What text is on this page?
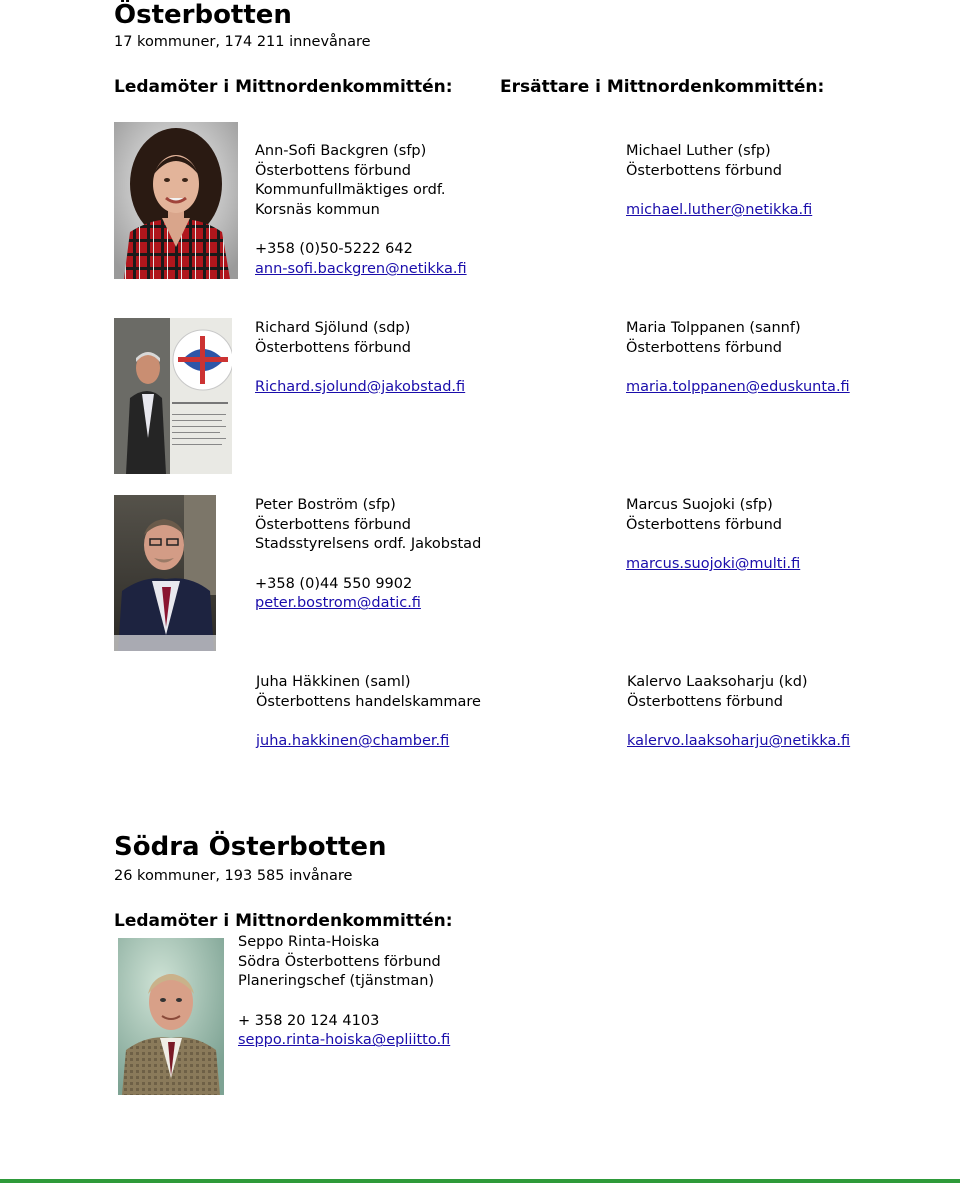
Österbotten
17 kommuner, 174 211 innevånare
Ledamöter i Mittnordenkommittén:	Ersättare i Mittnordenkommittén:
Ann-Sofi Backgren (sfp)
Österbottens förbund
Kommunfullmäktiges ordf.
Korsnäs kommun
+358 (0)50-5222 642
ann-sofi.backgren@netikka.fi
Michael Luther (sfp)
Österbottens förbund
michael.luther@netikka.fi
Richard Sjölund (sdp)
Österbottens förbund
Richard.sjolund@jakobstad.fi
Maria Tolppanen (sannf)
Österbottens förbund
maria.tolppanen@eduskunta.fi
Peter Boström (sfp)
Österbottens förbund
Stadsstyrelsens ordf. Jakobstad
+358 (0)44 550 9902
peter.bostrom@datic.fi
Marcus Suojoki (sfp)
Österbottens förbund
marcus.suojoki@multi.fi
Juha Häkkinen (saml)
Österbottens handelskammare
juha.hakkinen@chamber.fi
Kalervo Laaksoharju (kd)
Österbottens förbund
kalervo.laaksoharju@netikka.fi
Södra Österbotten
26 kommuner, 193 585 invånare
Ledamöter i Mittnordenkommittén:
Seppo Rinta-Hoiska
Södra Österbottens förbund
Planeringschef (tjänstman)
+ 358 20 124 4103
seppo.rinta-hoiska@epliitto.fi
